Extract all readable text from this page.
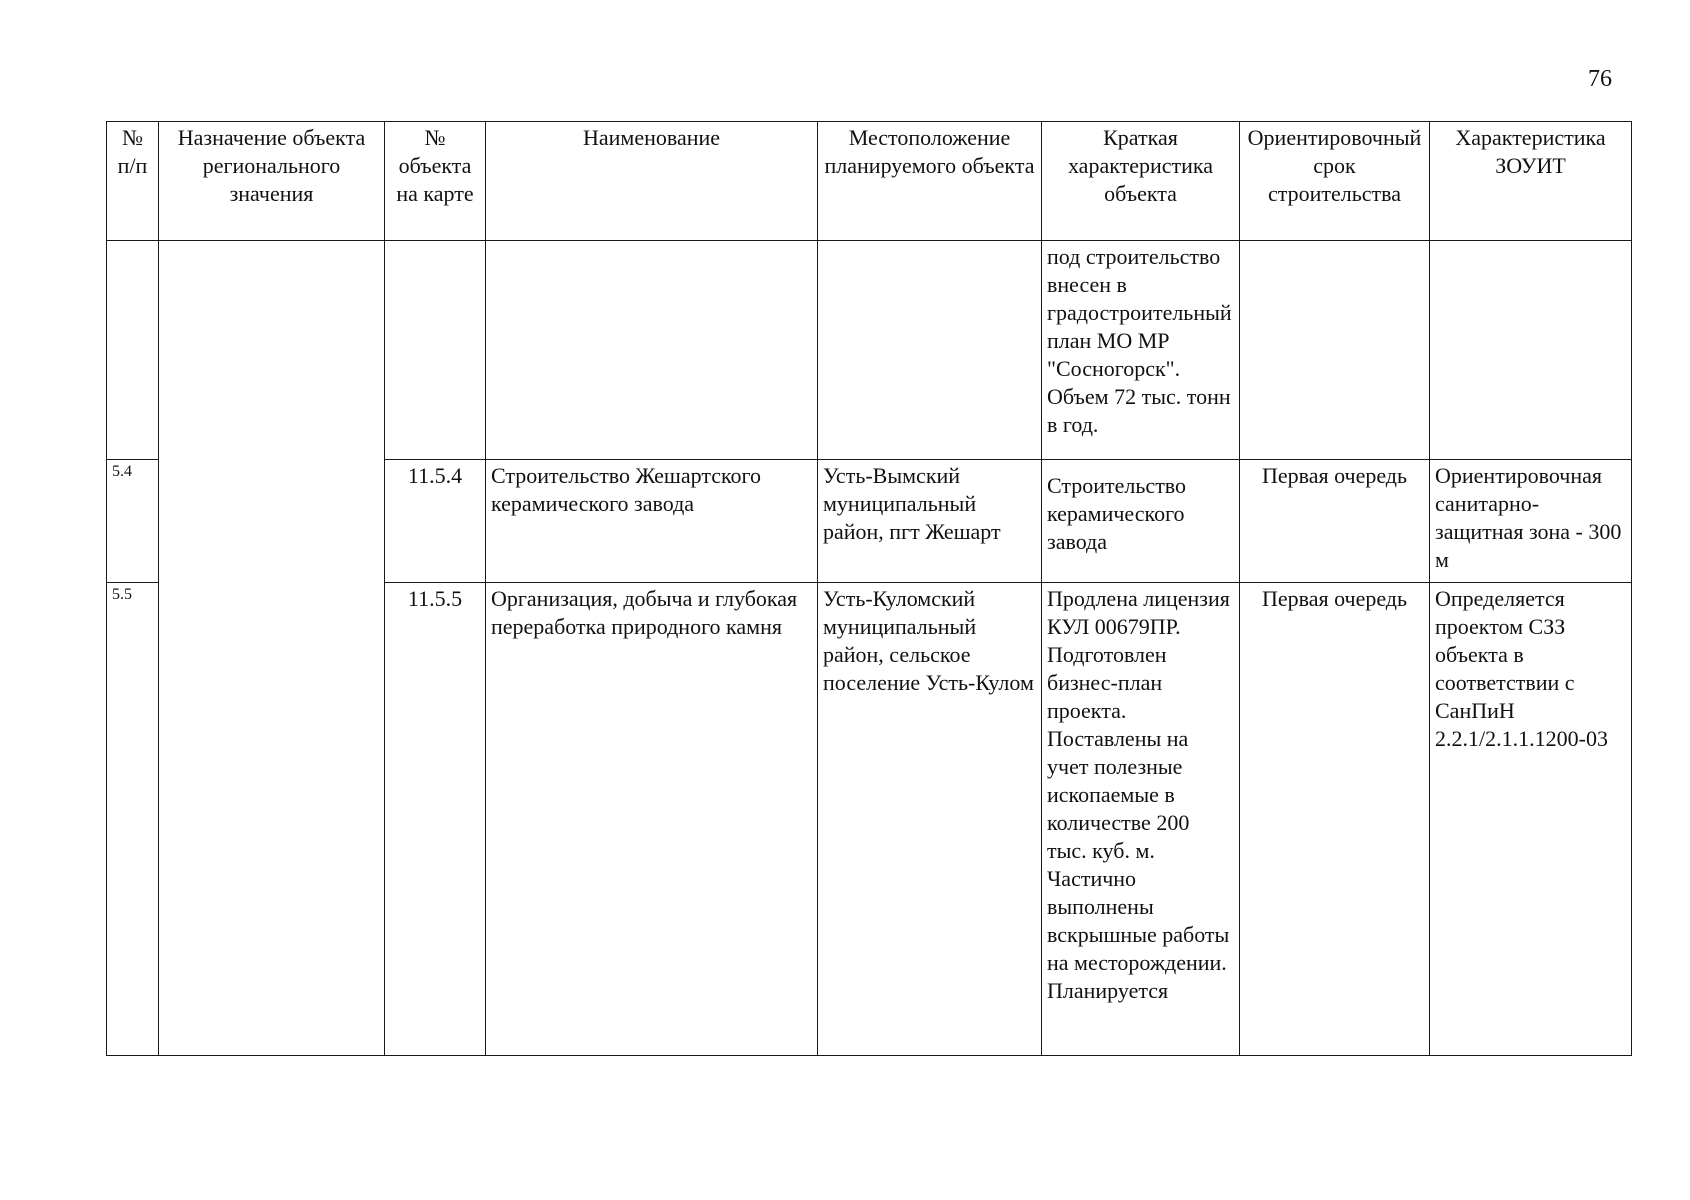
76
№ п/п	Назначение объекта регионального значения	№ объекта на карте	Наименование	Местоположение планируемого объекта	Краткая характеристика объекта	Ориентировочный срок строительства	Характеристика ЗОУИТ
					под строительство внесен в градостроительный план МО МР "Сосногорск". Объем 72 тыс. тонн в год.		
5.4		11.5.4	Строительство Жешартского керамического завода	Усть-Вымский муниципальный район, пгт Жешарт	Строительство керамического завода	Первая очередь	Ориентировочная санитарно-защитная зона - 300 м
5.5		11.5.5	Организация, добыча и глубокая переработка природного камня	Усть-Куломский муниципальный район, сельское поселение Усть-Кулом	Продлена лицензия КУЛ 00679ПР. Подготовлен бизнес-план проекта. Поставлены на учет полезные ископаемые в количестве 200 тыс. куб. м. Частично выполнены вскрышные работы на месторождении. Планируется	Первая очередь	Определяется проектом СЗЗ объекта в соответствии с СанПиН 2.2.1/2.1.1.1200-03
